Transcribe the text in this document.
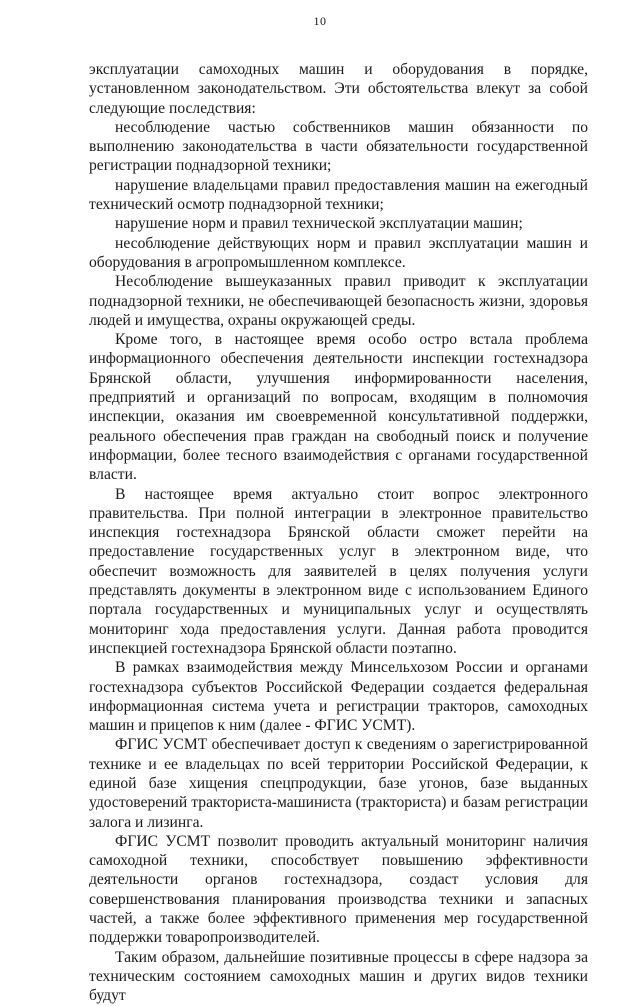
10

эксплуатации самоходных машин и оборудования в порядке, установленном законодательством. Эти обстоятельства влекут за собой следующие последствия:

несоблюдение частью собственников машин обязанности по выполнению законодательства в части обязательности государственной регистрации поднадзорной техники;

нарушение владельцами правил предоставления машин на ежегодный технический осмотр поднадзорной техники;

нарушение норм и правил технической эксплуатации машин;

несоблюдение действующих норм и правил эксплуатации машин и оборудования в агропромышленном комплексе.

Несоблюдение вышеуказанных правил приводит к эксплуатации поднадзорной техники, не обеспечивающей безопасность жизни, здоровья людей и имущества, охраны окружающей среды.

Кроме того, в настоящее время особо остро встала проблема информационного обеспечения деятельности инспекции гостехнадзора Брянской области, улучшения информированности населения, предприятий и организаций по вопросам, входящим в полномочия инспекции, оказания им своевременной консультативной поддержки, реального обеспечения прав граждан на свободный поиск и получение информации, более тесного взаимодействия с органами государственной власти.

В настоящее время актуально стоит вопрос электронного правительства. При полной интеграции в электронное правительство инспекция гостехнадзора Брянской области сможет перейти на предоставление государственных услуг в электронном виде, что обеспечит возможность для заявителей в целях получения услуги представлять документы в электронном виде с использованием Единого портала государственных и муниципальных услуг и осуществлять мониторинг хода предоставления услуги. Данная работа проводится инспекцией гостехнадзора Брянской области поэтапно.

В рамках взаимодействия между Минсельхозом России и органами гостехнадзора субъектов Российской Федерации создается федеральная информационная система учета и регистрации тракторов, самоходных машин и прицепов к ним (далее - ФГИС УСМТ).

ФГИС УСМТ обеспечивает доступ к сведениям о зарегистрированной технике и ее владельцах по всей территории Российской Федерации, к единой базе хищения спецпродукции, базе угонов, базе выданных удостоверений тракториста-машиниста (тракториста) и базам регистрации залога и лизинга.

ФГИС УСМТ позволит проводить актуальный мониторинг наличия самоходной техники, способствует повышению эффективности деятельности органов гостехнадзора, создаст условия для совершенствования планирования производства техники и запасных частей, а также более эффективного применения мер государственной поддержки товаропроизводителей.

Таким образом, дальнейшие позитивные процессы в сфере надзора за техническим состоянием самоходных машин и других видов техники будут
